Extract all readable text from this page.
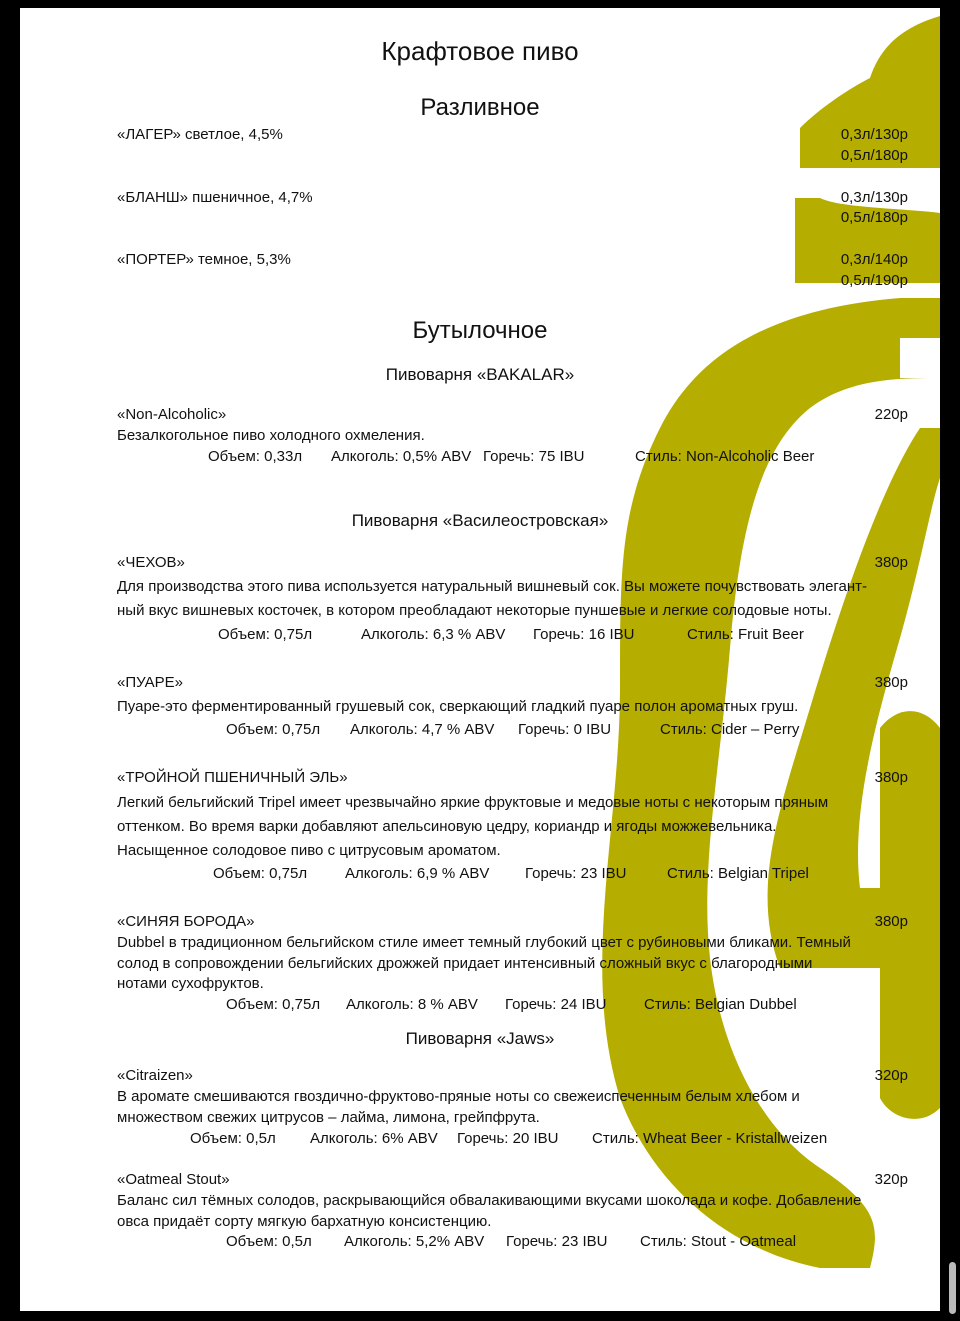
Крафтовое пиво
Разливное
«ЛАГЕР» светлое, 4,5%	0,3л/130р
0,5л/180р
«БЛАНШ» пшеничное, 4,7%	0,3л/130р
0,5л/180р
«ПОРТЕР» темное, 5,3%	0,3л/140р
0,5л/190р
Бутылочное
Пивоварня «BAKALAR»
«Non-Alcoholic»	220р
Безалкогольное пиво холодного охмеления.
Объем: 0,33л	Алкоголь: 0,5% ABV Горечь: 75 IBU	Стиль: Non-Alcoholic Beer
Пивоварня «Василеостровская»
«ЧЕХОВ»	380р
Для производства этого пива используется натуральный вишневый сок. Вы можете почувствовать элегант-
ный вкус вишневых косточек, в котором преобладают некоторые пуншевые и легкие солодовые ноты.
Объем: 0,75л	Алкоголь: 6,3 % ABV	Горечь: 16 IBU	Стиль: Fruit Beer
«ПУАРЕ»	380р
Пуаре-это ферментированный грушевый сок, сверкающий гладкий пуаре полон ароматных груш.
Объем: 0,75л	Алкоголь: 4,7 % ABV	Горечь: 0 IBU	Стиль: Cider – Perry
«ТРОЙНОЙ ПШЕНИЧНЫЙ ЭЛЬ»	380р
Легкий бельгийский Tripel имеет чрезвычайно яркие фруктовые и медовые ноты с некоторым пряным
оттенком. Во время варки добавляют апельсиновую цедру, кориандр и ягоды можжевельника.
Насыщенное солодовое пиво с цитрусовым ароматом.
Объем: 0,75л	Алкоголь: 6,9 % ABV	Горечь: 23 IBU	Стиль: Belgian Tripel
«СИНЯЯ БОРОДА»	380р
Dubbel в традиционном бельгийском стиле имеет темный глубокий цвет с рубиновыми бликами. Темный
солод в сопровождении бельгийских дрожжей придает интенсивный сложный вкус с благородными
нотами сухофруктов.
Объем: 0,75л	Алкоголь: 8 % ABV	Горечь: 24 IBU	Стиль: Belgian Dubbel
Пивоварня «Jaws»
«Citraizen»	320р
В аромате смешиваются гвоздично-фруктово-пряные ноты со свежеиспеченным белым хлебом и
множеством свежих цитрусов – лайма, лимона, грейпфрута.
Объем: 0,5л	Алкоголь: 6% ABV	Горечь: 20 IBU	Стиль: Wheat Beer - Kristallweizen
«Oatmeal Stout»	320р
Баланс сил тёмных солодов, раскрывающийся обвалакивающими вкусами шоколада и кофе. Добавление
овса придаёт сорту мягкую бархатную консистенцию.
Объем: 0,5л	Алкоголь: 5,2% ABV	Горечь: 23 IBU	Стиль: Stout - Oatmeal
